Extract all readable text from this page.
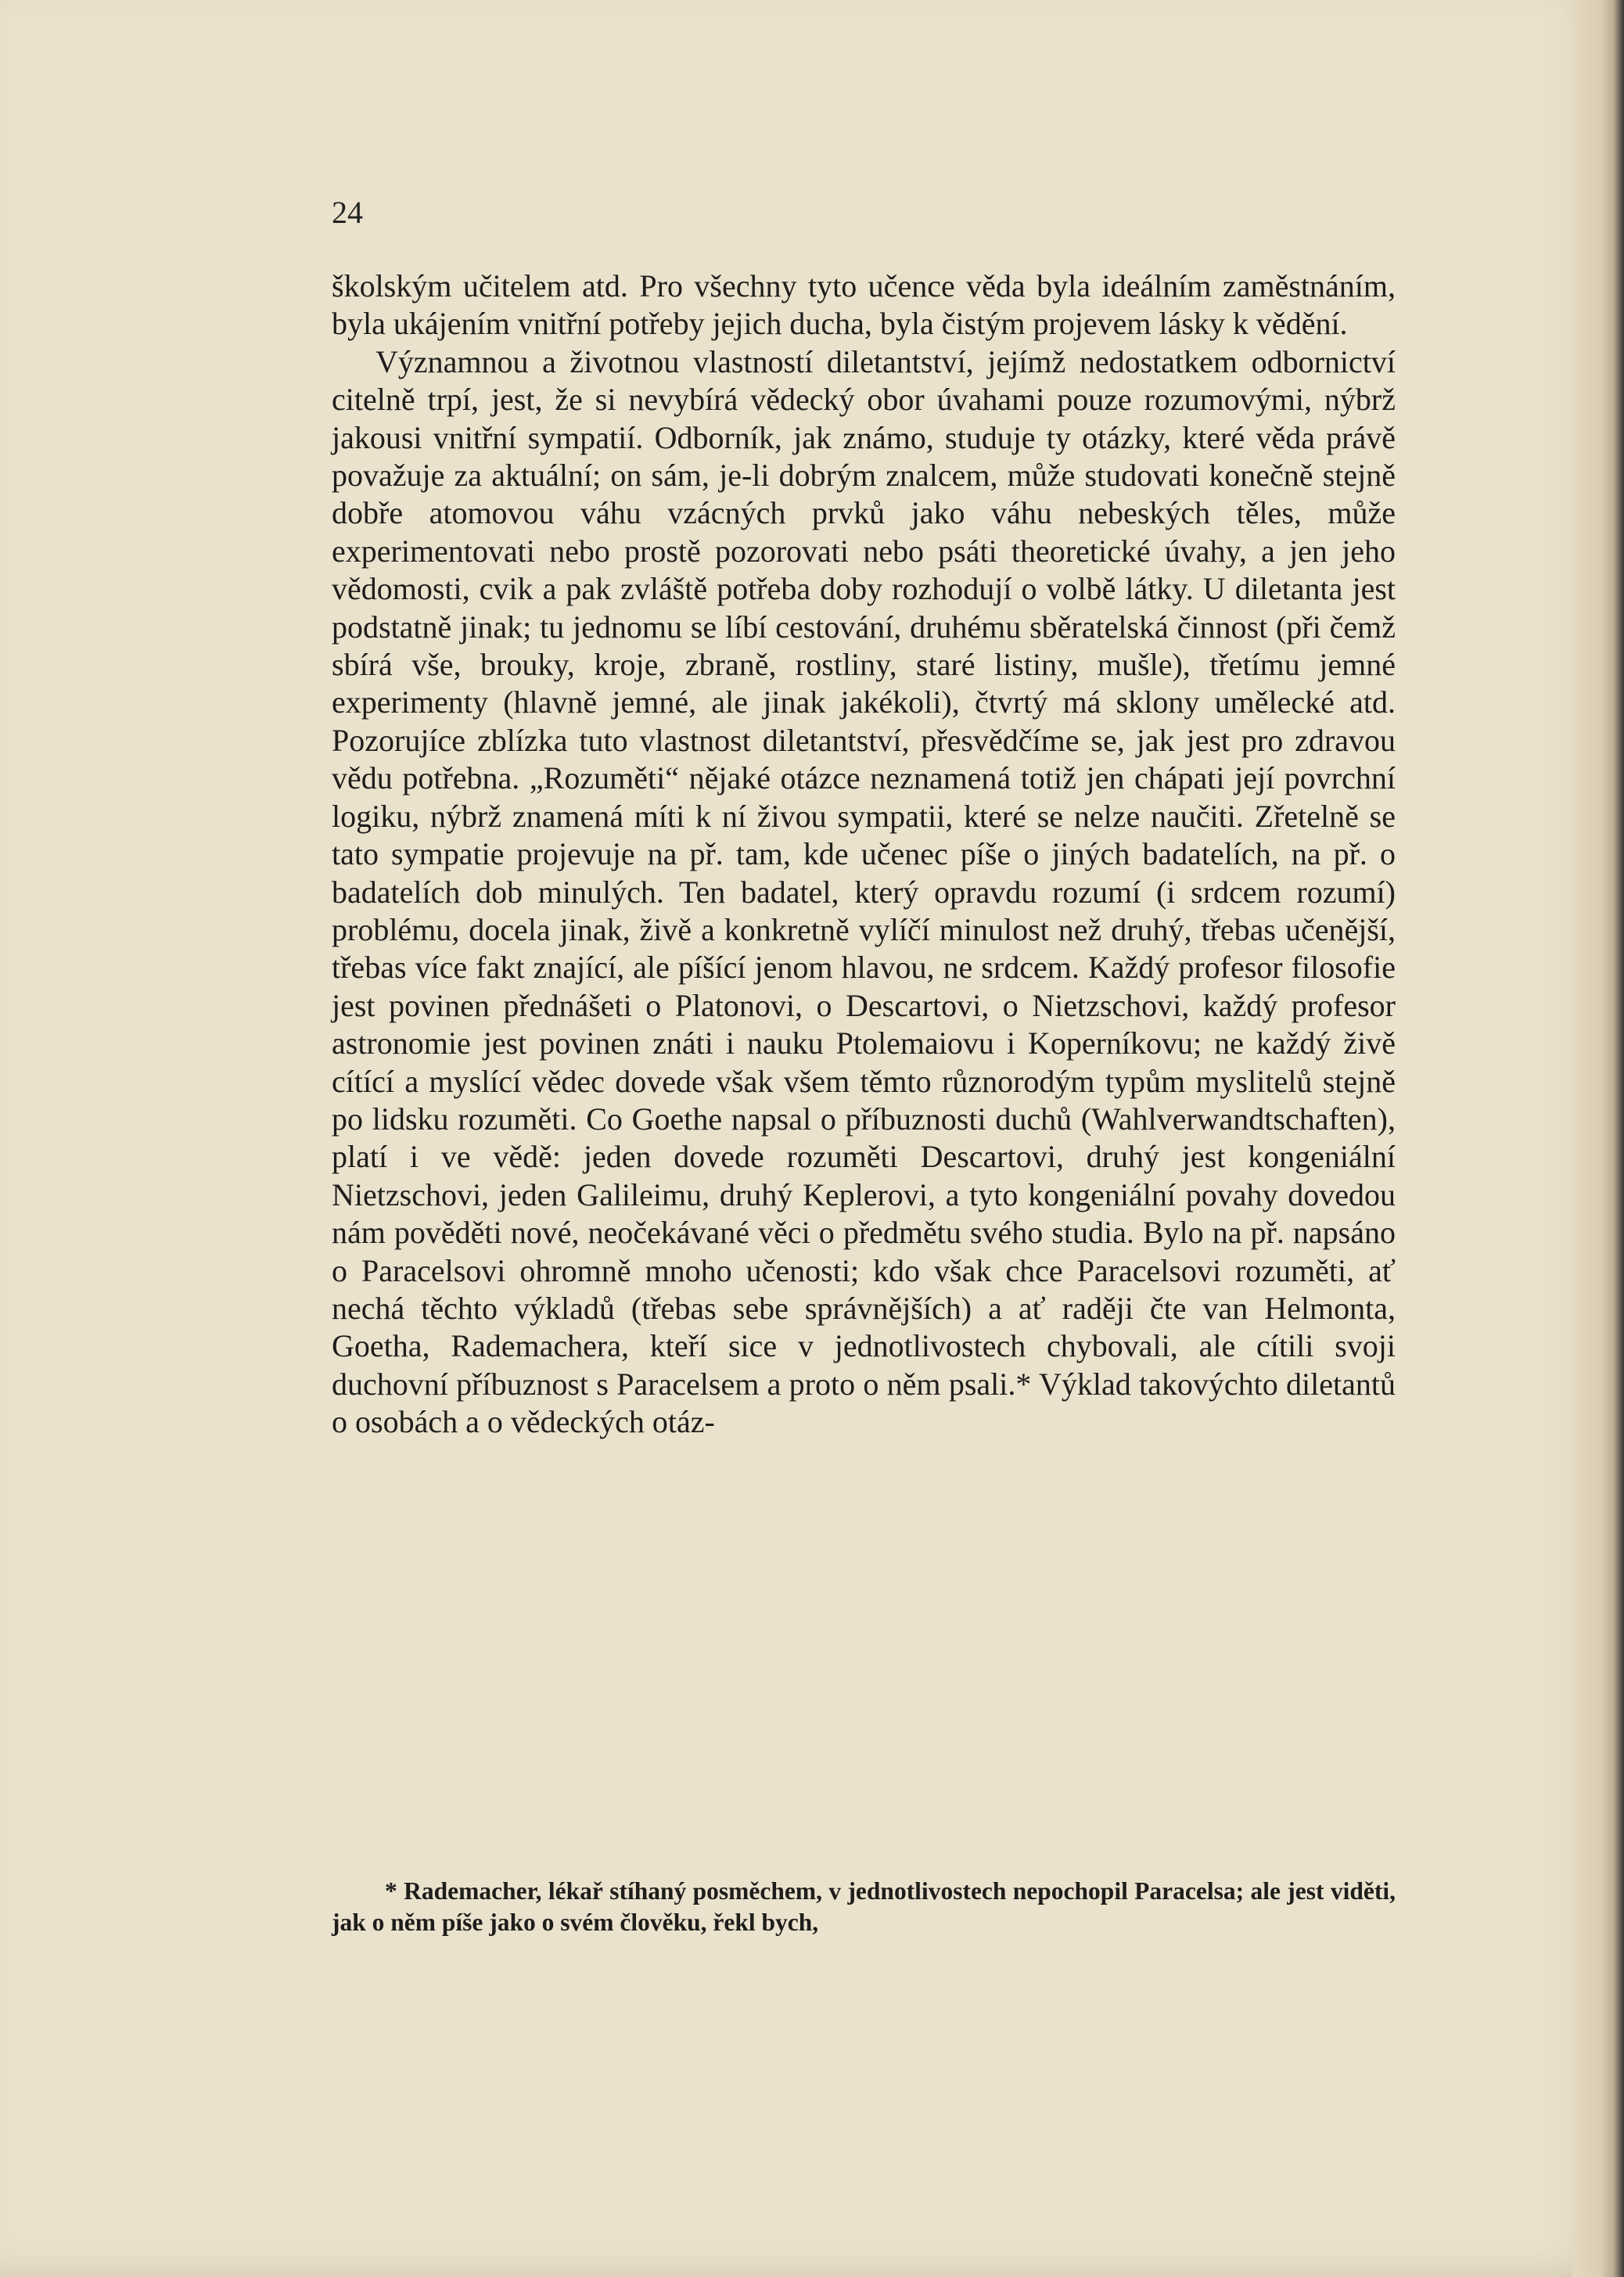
24

školským učitelem atd. Pro všechny tyto učence věda byla ideálním zaměstnáním, byla ukájením vnitřní potřeby jejich ducha, byla čistým projevem lásky k vědění.

Významnou a životnou vlastností diletantství, jejímž nedostatkem odbornictví citelně trpí, jest, že si nevybírá vědecký obor úvahami pouze rozumovými, nýbrž jakousi vnitřní sympatií. Odborník, jak známo, studuje ty otázky, které věda právě považuje za aktuální; on sám, je-li dobrým znalcem, může studovati konečně stejně dobře atomovou váhu vzácných prvků jako váhu nebeských těles, může experimentovati nebo prostě pozorovati nebo psáti theoretické úvahy, a jen jeho vědomosti, cvik a pak zvláště potřeba doby rozhodují o volbě látky. U diletanta jest podstatně jinak; tu jednomu se líbí cestování, druhému sběratelská činnost (při čemž sbírá vše, brouky, kroje, zbraně, rostliny, staré listiny, mušle), třetímu jemné experimenty (hlavně jemné, ale jinak jakékoli), čtvrtý má sklony umělecké atd. Pozorujíce zblízka tuto vlastnost diletantství, přesvědčíme se, jak jest pro zdravou vědu potřebna. „Rozuměti“ nějaké otázce neznamená totiž jen chápati její povrchní logiku, nýbrž znamená míti k ní živou sympatii, které se nelze naučiti. Zřetelně se tato sympatie projevuje na př. tam, kde učenec píše o jiných badatelích, na př. o badatelích dob minulých. Ten badatel, který opravdu rozumí (i srdcem rozumí) problému, docela jinak, živě a konkretně vylíčí minulost než druhý, třebas učenější, třebas více fakt znající, ale píšící jenom hlavou, ne srdcem. Každý profesor filosofie jest povinen přednášeti o Platonovi, o Descartovi, o Nietzschovi, každý profesor astronomie jest povinen znáti i nauku Ptolemaiovu i Koperníkovu; ne každý živě cítící a myslící vědec dovede však všem těmto různorodým typům myslitelů stejně po lidsku rozuměti. Co Goethe napsal o příbuznosti duchů (Wahlverwandtschaften), platí i ve vědě: jeden dovede rozuměti Descartovi, druhý jest kongeniální Nietzschovi, jeden Galileimu, druhý Keplerovi, a tyto kongeniální povahy dovedou nám pověděti nové, neočekávané věci o předmětu svého studia. Bylo na př. napsáno o Paracelsovi ohromně mnoho učenosti; kdo však chce Paracelsovi rozuměti, ať nechá těchto výkladů (třebas sebe správnějších) a ať raději čte van Helmonta, Goetha, Rademachera, kteří sice v jednotlivostech chybovali, ale cítili svoji duchovní příbuznost s Paracelsem a proto o něm psali.* Výklad takovýchto diletantů o osobách a o vědeckých otáz-

* Rademacher, lékař stíhaný posměchem, v jednotlivostech nepochopil Paracelsa; ale jest viděti, jak o něm píše jako o svém člověku, řekl bych,
